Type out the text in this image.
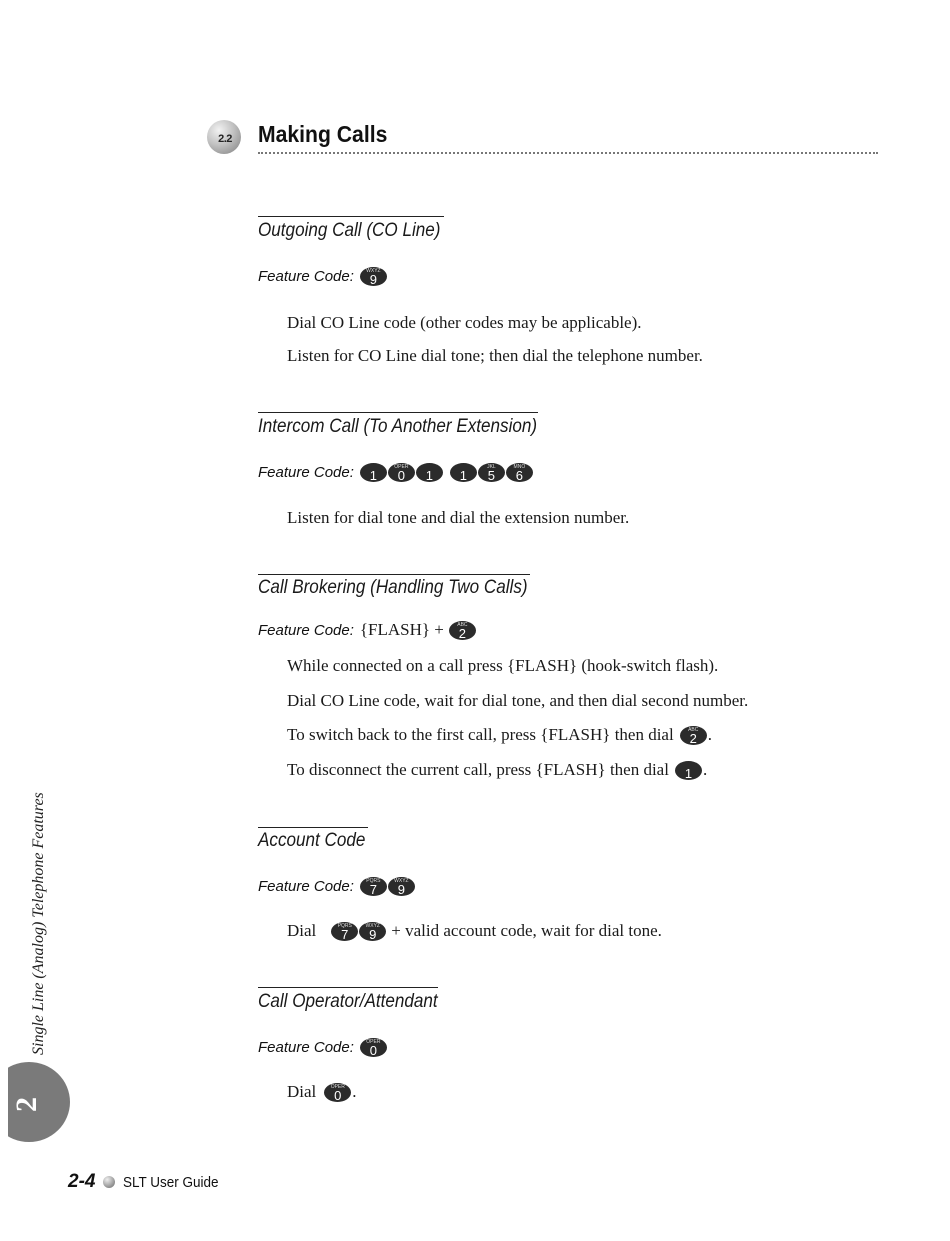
2.2 Making Calls
Outgoing Call (CO Line)
Feature Code:	WXYZ
9
Dial CO Line code (other codes may be applicable).
Listen for CO Line dial tone; then dial the telephone number.
Intercom Call (To Another Extension)
Feature Code: 1
OPER
0 1 1
JKL
5
MNO
6
Listen for dial tone and dial the extension number.
Call Brokering (Handling Two Calls)
Feature Code: {FLASH} +	ABC
2
While connected on a call press {FLASH} (hook-switch flash).
Dial CO Line code, wait for dial tone, and then dial second number.
To switch back to the first call, press {FLASH} then dial	ABC
2 .
To disconnect the current call, press {FLASH} then dial 1 .
Account Code
Feature Code:	PQRS
7
WXYZ
9
Dial	PQRS
7
WXYZ
9 + valid account code, wait for dial tone.
Call Operator/Attendant
Feature Code:	OPER
0
Dial	OPER
0 .
Single Line (Analog) Telephone Features
2
2-4 SLT User Guide
